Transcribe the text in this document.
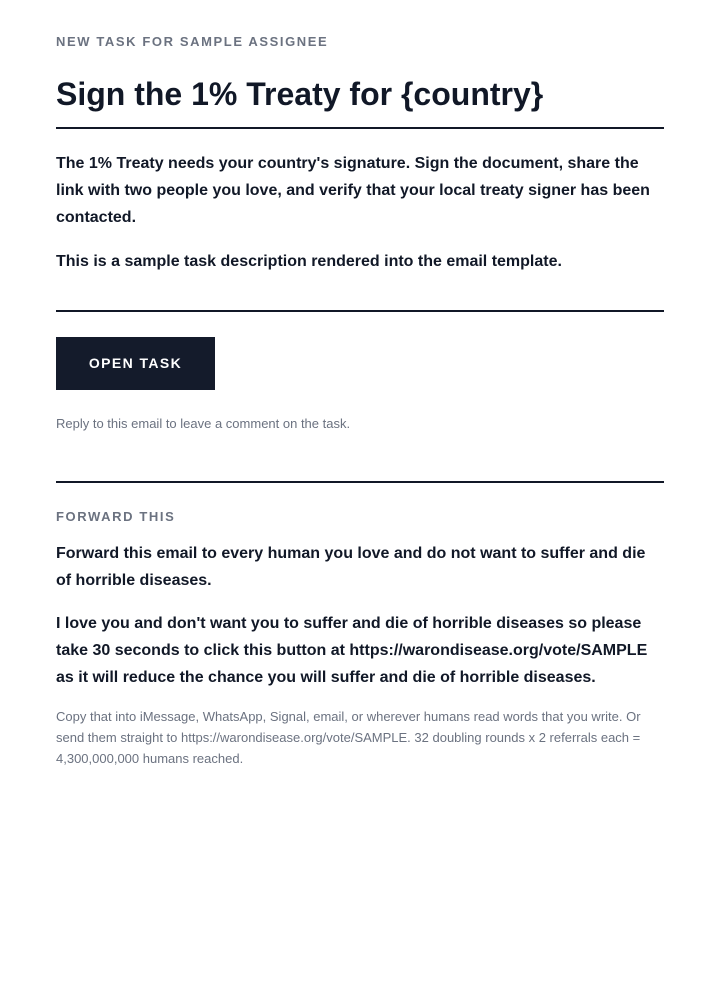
NEW TASK FOR SAMPLE ASSIGNEE

Sign the 1% Treaty for {country}

The 1% Treaty needs your country's signature. Sign the document, share the link with two people you love, and verify that your local treaty signer has been contacted.

This is a sample task description rendered into the email template.

OPEN TASK

Reply to this email to leave a comment on the task.

FORWARD THIS

Forward this email to every human you love and do not want to suffer and die of horrible diseases.

I love you and don't want you to suffer and die of horrible diseases so please take 30 seconds to click this button at https://warondisease.org/vote/SAMPLE as it will reduce the chance you will suffer and die of horrible diseases.

Copy that into iMessage, WhatsApp, Signal, email, or wherever humans read words that you write. Or send them straight to https://warondisease.org/vote/SAMPLE. 32 doubling rounds x 2 referrals each = 4,300,000,000 humans reached.
